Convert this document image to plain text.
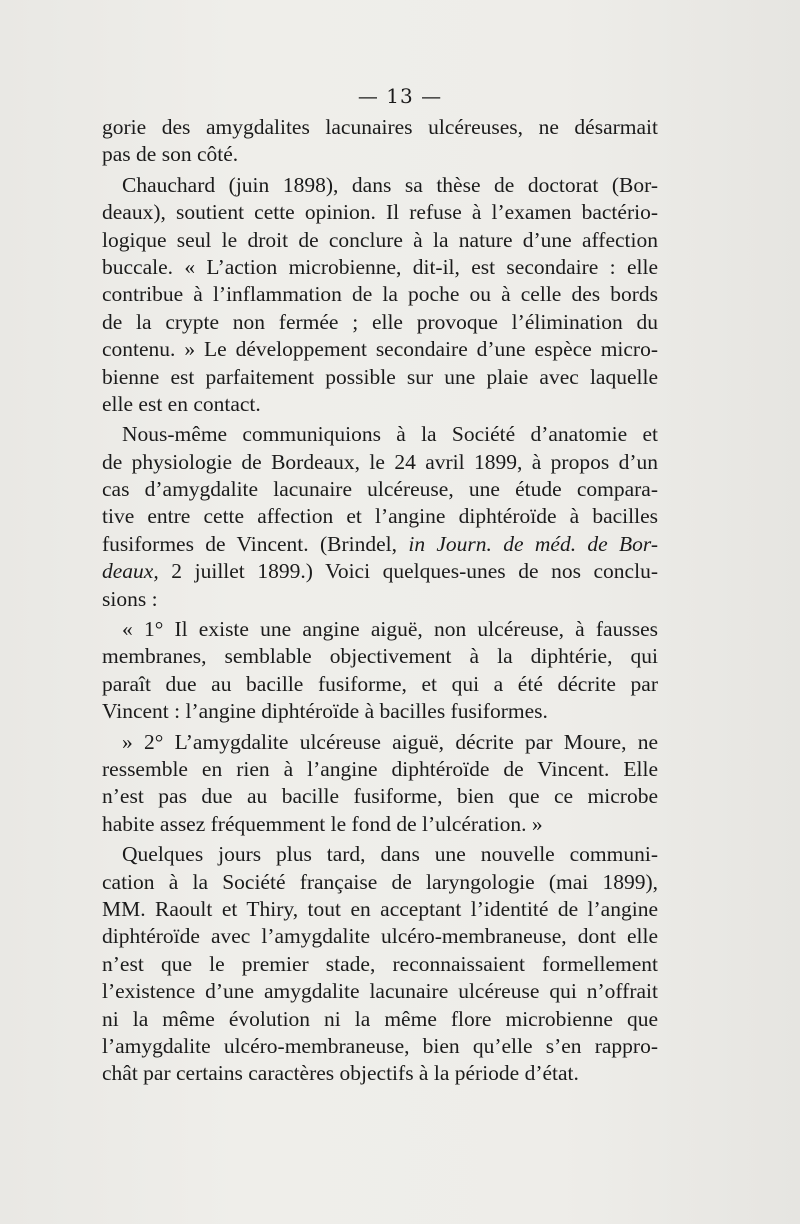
— 13 —
gorie des amygdalites lacunaires ulcéreuses, ne désarmait
pas de son côté.
Chauchard (juin 1898), dans sa thèse de doctorat (Bor-
deaux), soutient cette opinion. Il refuse à l’examen bactério-
logique seul le droit de conclure à la nature d’une affection
buccale. « L’action microbienne, dit-il, est secondaire : elle
contribue à l’inflammation de la poche ou à celle des bords
de la crypte non fermée ; elle provoque l’élimination du
contenu. » Le développement secondaire d’une espèce micro-
bienne est parfaitement possible sur une plaie avec laquelle
elle est en contact.
Nous-même communiquions à la Société d’anatomie et
de physiologie de Bordeaux, le 24 avril 1899, à propos d’un
cas d’amygdalite lacunaire ulcéreuse, une étude compara-
tive entre cette affection et l’angine diphtéroïde à bacilles
fusiformes de Vincent. (Brindel, in Journ. de méd. de Bor-
deaux, 2 juillet 1899.) Voici quelques-unes de nos conclu-
sions :
« 1° Il existe une angine aiguë, non ulcéreuse, à fausses
membranes, semblable objectivement à la diphtérie, qui
paraît due au bacille fusiforme, et qui a été décrite par
Vincent : l’angine diphtéroïde à bacilles fusiformes.
» 2° L’amygdalite ulcéreuse aiguë, décrite par Moure, ne
ressemble en rien à l’angine diphtéroïde de Vincent. Elle
n’est pas due au bacille fusiforme, bien que ce microbe
habite assez fréquemment le fond de l’ulcération. »
Quelques jours plus tard, dans une nouvelle communi-
cation à la Société française de laryngologie (mai 1899),
MM. Raoult et Thiry, tout en acceptant l’identité de l’angine
diphtéroïde avec l’amygdalite ulcéro-membraneuse, dont elle
n’est que le premier stade, reconnaissaient formellement
l’existence d’une amygdalite lacunaire ulcéreuse qui n’offrait
ni la même évolution ni la même flore microbienne que
l’amygdalite ulcéro-membraneuse, bien qu’elle s’en rappro-
chât par certains caractères objectifs à la période d’état.
